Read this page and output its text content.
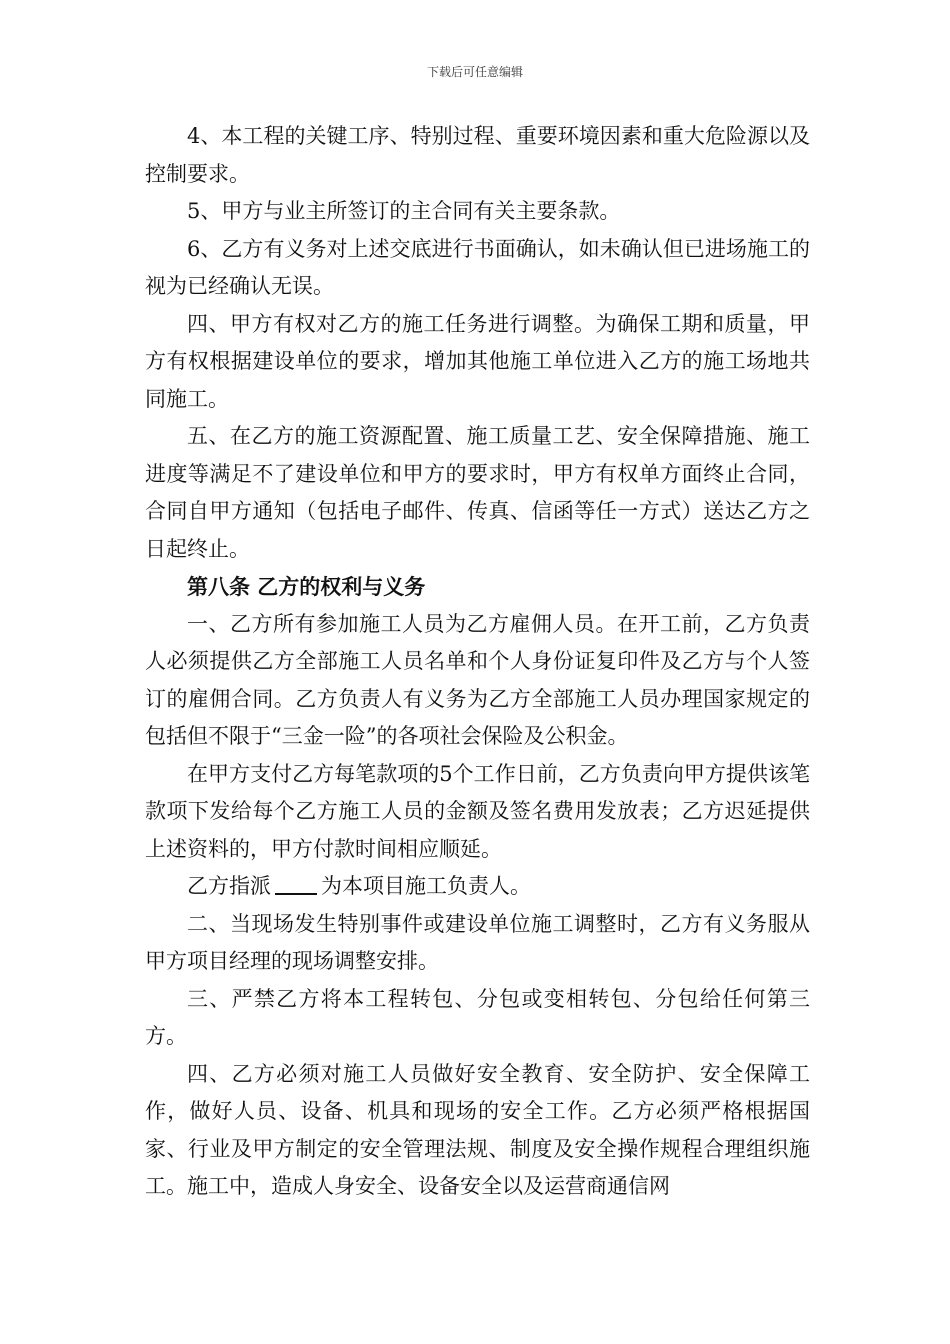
下载后可任意编辑

4、本工程的关键工序、特别过程、重要环境因素和重大危险源以及控制要求。

5、甲方与业主所签订的主合同有关主要条款。

6、乙方有义务对上述交底进行书面确认，如未确认但已进场施工的视为已经确认无误。

四、甲方有权对乙方的施工任务进行调整。为确保工期和质量，甲方有权根据建设单位的要求，增加其他施工单位进入乙方的施工场地共同施工。

五、在乙方的施工资源配置、施工质量工艺、安全保障措施、施工进度等满足不了建设单位和甲方的要求时，甲方有权单方面终止合同，合同自甲方通知（包括电子邮件、传真、信函等任一方式）送达乙方之日起终止。

第八条 乙方的权利与义务

一、乙方所有参加施工人员为乙方雇佣人员。在开工前，乙方负责人必须提供乙方全部施工人员名单和个人身份证复印件及乙方与个人签订的雇佣合同。乙方负责人有义务为乙方全部施工人员办理国家规定的包括但不限于“三金一险”的各项社会保险及公积金。

在甲方支付乙方每笔款项的5个工作日前，乙方负责向甲方提供该笔款项下发给每个乙方施工人员的金额及签名费用发放表；乙方迟延提供上述资料的，甲方付款时间相应顺延。

乙方指派 为本项目施工负责人。

二、当现场发生特别事件或建设单位施工调整时，乙方有义务服从甲方项目经理的现场调整安排。

三、严禁乙方将本工程转包、分包或变相转包、分包给任何第三方。

四、乙方必须对施工人员做好安全教育、安全防护、安全保障工作，做好人员、设备、机具和现场的安全工作。乙方必须严格根据国家、行业及甲方制定的安全管理法规、制度及安全操作规程合理组织施工。施工中，造成人身安全、设备安全以及运营商通信网
